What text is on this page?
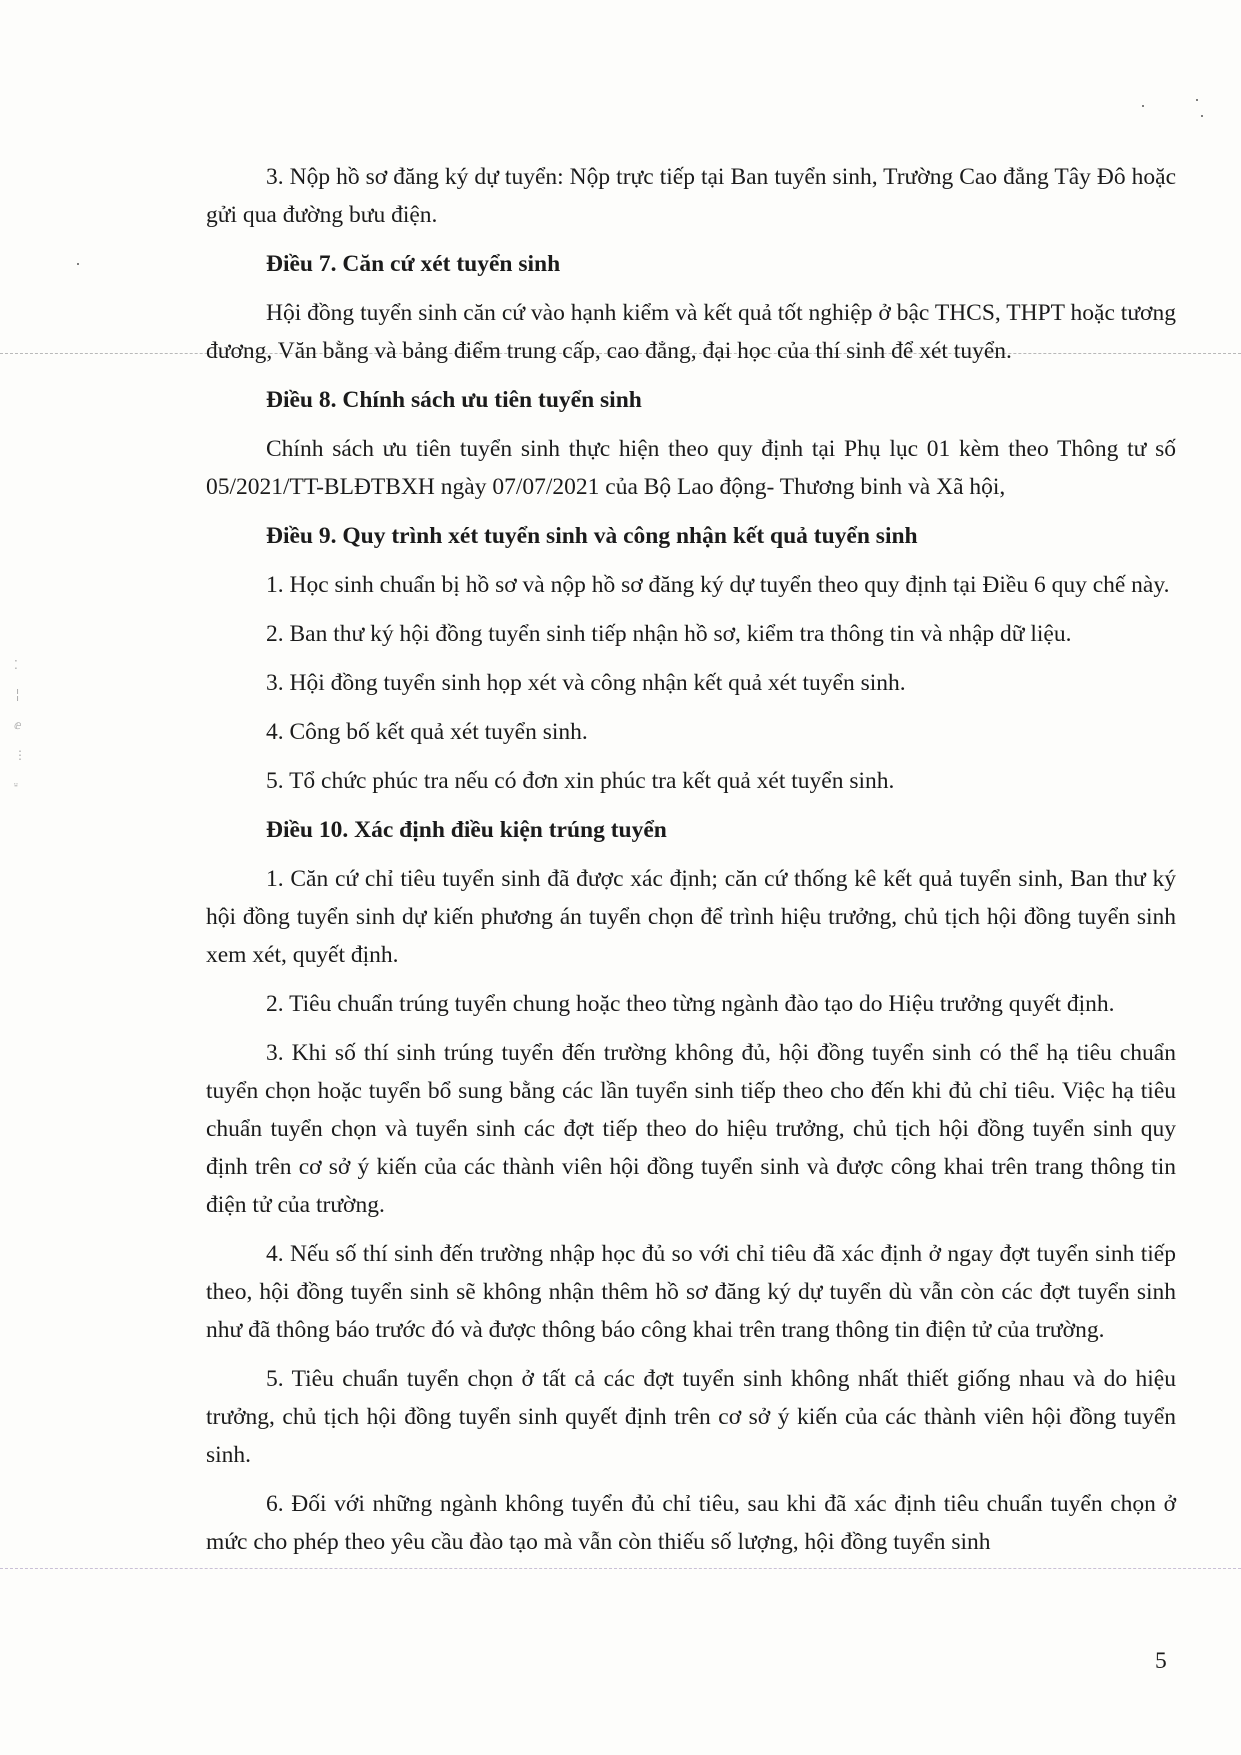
⁚
╎
ⅇ
⋮
⸚

3. Nộp hồ sơ đăng ký dự tuyển: Nộp trực tiếp tại Ban tuyển sinh, Trường Cao đẳng Tây Đô hoặc gửi qua đường bưu điện.

Điều 7. Căn cứ xét tuyển sinh

Hội đồng tuyển sinh căn cứ vào hạnh kiểm và kết quả tốt nghiệp ở bậc THCS, THPT hoặc tương đương, Văn bằng và bảng điểm trung cấp, cao đẳng, đại học của thí sinh để xét tuyển.

Điều 8. Chính sách ưu tiên tuyển sinh

Chính sách ưu tiên tuyển sinh thực hiện theo quy định tại Phụ lục 01 kèm theo Thông tư số 05/2021/TT-BLĐTBXH ngày 07/07/2021 của Bộ Lao động- Thương binh và Xã hội,

Điều 9. Quy trình xét tuyển sinh và công nhận kết quả tuyển sinh

1. Học sinh chuẩn bị hồ sơ và nộp hồ sơ đăng ký dự tuyển theo quy định tại Điều 6 quy chế này.

2. Ban thư ký hội đồng tuyển sinh tiếp nhận hồ sơ, kiểm tra thông tin và nhập dữ liệu.

3. Hội đồng tuyển sinh họp xét và công nhận kết quả xét tuyển sinh.

4. Công bố kết quả xét tuyển sinh.

5. Tổ chức phúc tra nếu có đơn xin phúc tra kết quả xét tuyển sinh.

Điều 10. Xác định điều kiện trúng tuyển

1. Căn cứ chỉ tiêu tuyển sinh đã được xác định; căn cứ thống kê kết quả tuyển sinh, Ban thư ký hội đồng tuyển sinh dự kiến phương án tuyển chọn để trình hiệu trưởng, chủ tịch hội đồng tuyển sinh xem xét, quyết định.

2. Tiêu chuẩn trúng tuyển chung hoặc theo từng ngành đào tạo do Hiệu trưởng quyết định.

3. Khi số thí sinh trúng tuyển đến trường không đủ, hội đồng tuyển sinh có thể hạ tiêu chuẩn tuyển chọn hoặc tuyển bổ sung bằng các lần tuyển sinh tiếp theo cho đến khi đủ chỉ tiêu. Việc hạ tiêu chuẩn tuyển chọn và tuyển sinh các đợt tiếp theo do hiệu trưởng, chủ tịch hội đồng tuyển sinh quy định trên cơ sở ý kiến của các thành viên hội đồng tuyển sinh và được công khai trên trang thông tin điện tử của trường.

4. Nếu số thí sinh đến trường nhập học đủ so với chỉ tiêu đã xác định ở ngay đợt tuyển sinh tiếp theo, hội đồng tuyển sinh sẽ không nhận thêm hồ sơ đăng ký dự tuyển dù vẫn còn các đợt tuyển sinh như đã thông báo trước đó và được thông báo công khai trên trang thông tin điện tử của trường.

5. Tiêu chuẩn tuyển chọn ở tất cả các đợt tuyển sinh không nhất thiết giống nhau và do hiệu trưởng, chủ tịch hội đồng tuyển sinh quyết định trên cơ sở ý kiến của các thành viên hội đồng tuyển sinh.

6. Đối với những ngành không tuyển đủ chỉ tiêu, sau khi đã xác định tiêu chuẩn tuyển chọn ở mức cho phép theo yêu cầu đào tạo mà vẫn còn thiếu số lượng, hội đồng tuyển sinh

5
